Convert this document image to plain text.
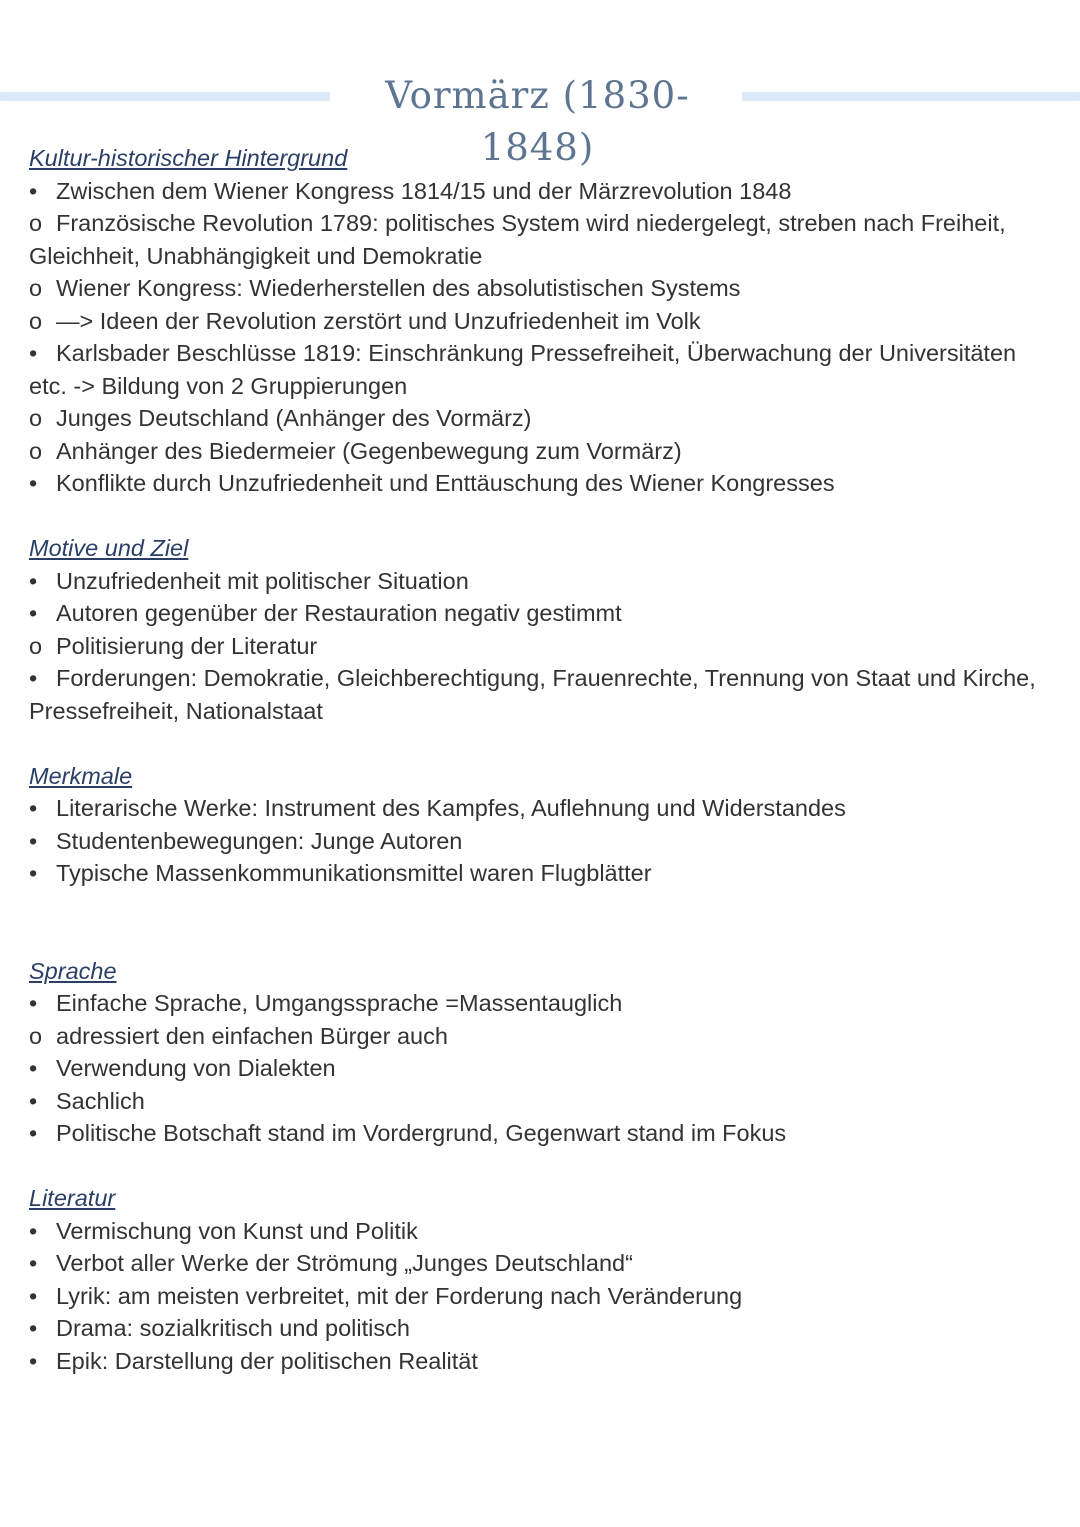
Vormärz (1830-1848)
Kultur-historischer Hintergrund
• Zwischen dem Wiener Kongress 1814/15 und der Märzrevolution 1848
o Französische Revolution 1789: politisches System wird niedergelegt, streben nach Freiheit, Gleichheit, Unabhängigkeit und Demokratie
o Wiener Kongress: Wiederherstellen des absolutistischen Systems
o —> Ideen der Revolution zerstört und Unzufriedenheit im Volk
• Karlsbader Beschlüsse 1819: Einschränkung Pressefreiheit, Überwachung der Universitäten etc. -> Bildung von 2 Gruppierungen
o Junges Deutschland (Anhänger des Vormärz)
o Anhänger des Biedermeier (Gegenbewegung zum Vormärz)
• Konflikte durch Unzufriedenheit und Enttäuschung des Wiener Kongresses
Motive und Ziel
• Unzufriedenheit mit politischer Situation
• Autoren gegenüber der Restauration negativ gestimmt
o Politisierung der Literatur
• Forderungen: Demokratie, Gleichberechtigung, Frauenrechte, Trennung von Staat und Kirche, Pressefreiheit, Nationalstaat
Merkmale
• Literarische Werke: Instrument des Kampfes, Auflehnung und Widerstandes
• Studentenbewegungen: Junge Autoren
• Typische Massenkommunikationsmittel waren Flugblätter
Sprache
• Einfache Sprache, Umgangssprache =Massentauglich
o adressiert den einfachen Bürger auch
• Verwendung von Dialekten
• Sachlich
• Politische Botschaft stand im Vordergrund, Gegenwart stand im Fokus
Literatur
• Vermischung von Kunst und Politik
• Verbot aller Werke der Strömung „Junges Deutschland“
• Lyrik: am meisten verbreitet, mit der Forderung nach Veränderung
• Drama: sozialkritisch und politisch
• Epik: Darstellung der politischen Realität
